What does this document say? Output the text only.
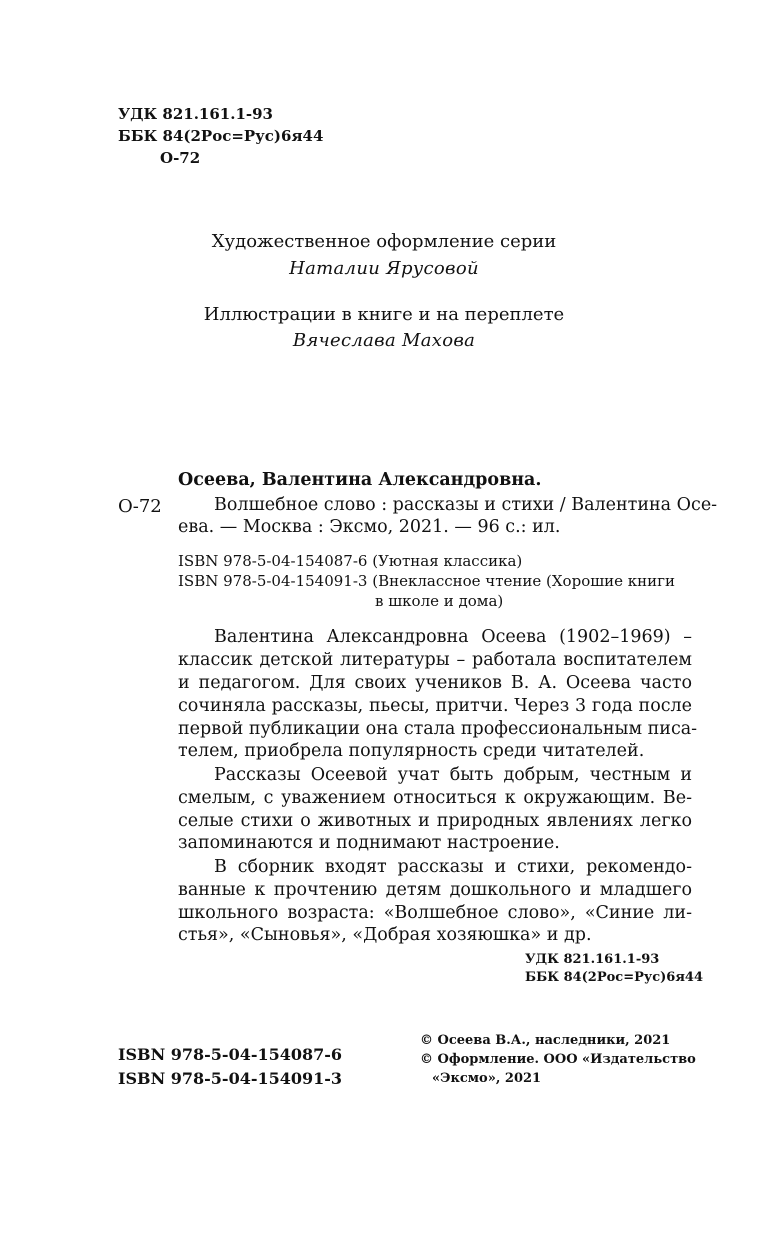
УДК 821.161.1-93
ББК 84(2Рос=Рус)6я44
О-72
Художественное оформление серии
Наталии Ярусовой
Иллюстрации в книге и на переплете
Вячеслава Махова
О-72
Осеева, Валентина Александровна.
Волшебное слово : рассказы и стихи / Валентина Осе-
ева. — Москва : Эксмо, 2021. — 96 с.: ил.
ISBN 978-5-04-154087-6 (Уютная классика)
ISBN 978-5-04-154091-3 (Внеклассное чтение (Хорошие книги
в школе и дома)
Валентина Александровна Осеева (1902–1969) –
классик детской литературы – работала воспитателем
и педагогом. Для своих учеников В. А. Осеева часто
сочиняла рассказы, пьесы, притчи. Через 3 года после
первой публикации она стала профессиональным писа-
телем, приобрела популярность среди читателей.
Рассказы Осеевой учат быть добрым, честным и
смелым, с уважением относиться к окружающим. Ве-
селые стихи о животных и природных явлениях легко
запоминаются и поднимают настроение.
В сборник входят рассказы и стихи, рекомендо-
ванные к прочтению детям дошкольного и младшего
школьного возраста: «Волшебное слово», «Синие ли-
стья», «Сыновья», «Добрая хозяюшка» и др.
УДК 821.161.1-93
ББК 84(2Рос=Рус)6я44
ISBN 978-5-04-154087-6
ISBN 978-5-04-154091-3
© Осеева В.А., наследники, 2021
© Оформление. ООО «Издательство
«Эксмо», 2021
